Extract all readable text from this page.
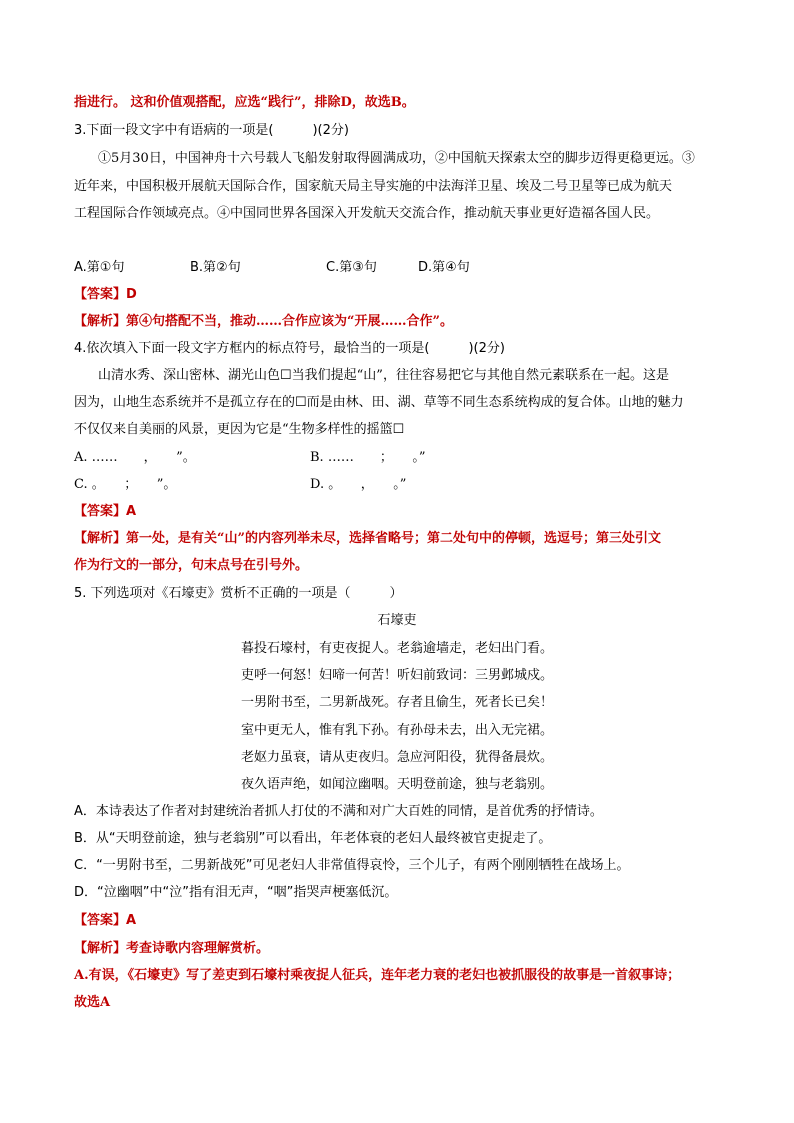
指进行。 这和价值观搭配，应选“践行”，排除D，故选B。
3.下面一段文字中有语病的一项是(　　　)(2分)
①5月30日，中国神舟十六号载人飞船发射取得圆满成功，②中国航天探索太空的脚步迈得更稳更远。③
近年来，中国积极开展航天国际合作，国家航天局主导实施的中法海洋卫星、埃及二号卫星等已成为航天
工程国际合作领域亮点。④中国同世界各国深入开发航天交流合作，推动航天事业更好造福各国人民。
A.第①句	B.第②句	C.第③句	D.第④句
【答案】D
【解析】第④句搭配不当，推动……合作应该为“开展……合作”。
4.依次填入下面一段文字方框内的标点符号，最恰当的一项是(　　　)(2分)
山清水秀、深山密林、湖光山色☐当我们提起“山”，往往容易把它与其他自然元素联系在一起。这是
因为，山地生态系统并不是孤立存在的☐而是由林、田、湖、草等不同生态系统构成的复合体。山地的魅力
不仅仅来自美丽的风景，更因为它是“生物多样性的摇篮☐
A. ……　　，　　”。	B. ……　　；　　。”
C. 。　　；　　”。	D. 。　　，　　。”
【答案】A
【解析】第一处，是有关“山”的内容列举未尽，选择省略号；第二处句中的停顿，选逗号；第三处引文
作为行文的一部分，句末点号在引号外。
5. 下列选项对《石壕吏》赏析不正确的一项是（　　　）
石壕吏
暮投石壕村，有吏夜捉人。老翁逾墙走，老妇出门看。
吏呼一何怒！妇啼一何苦！听妇前致词：三男邺城戍。
一男附书至，二男新战死。存者且偷生，死者长已矣！
室中更无人，惟有乳下孙。有孙母未去，出入无完裙。
老妪力虽衰，请从吏夜归。急应河阳役，犹得备晨炊。
夜久语声绝，如闻泣幽咽。天明登前途，独与老翁别。
A．本诗表达了作者对封建统治者抓人打仗的不满和对广大百姓的同情，是首优秀的抒情诗。
B．从“天明登前途，独与老翁别”可以看出，年老体衰的老妇人最终被官吏捉走了。
C．“一男附书至，二男新战死”可见老妇人非常值得哀怜，三个儿子，有两个刚刚牺牲在战场上。
D．“泣幽咽”中“泣”指有泪无声，“咽”指哭声梗塞低沉。
【答案】A
【解析】考查诗歌内容理解赏析。
A.有误，《石壕吏》写了差吏到石壕村乘夜捉人征兵，连年老力衰的老妇也被抓服役的故事是一首叙事诗；
故选A
